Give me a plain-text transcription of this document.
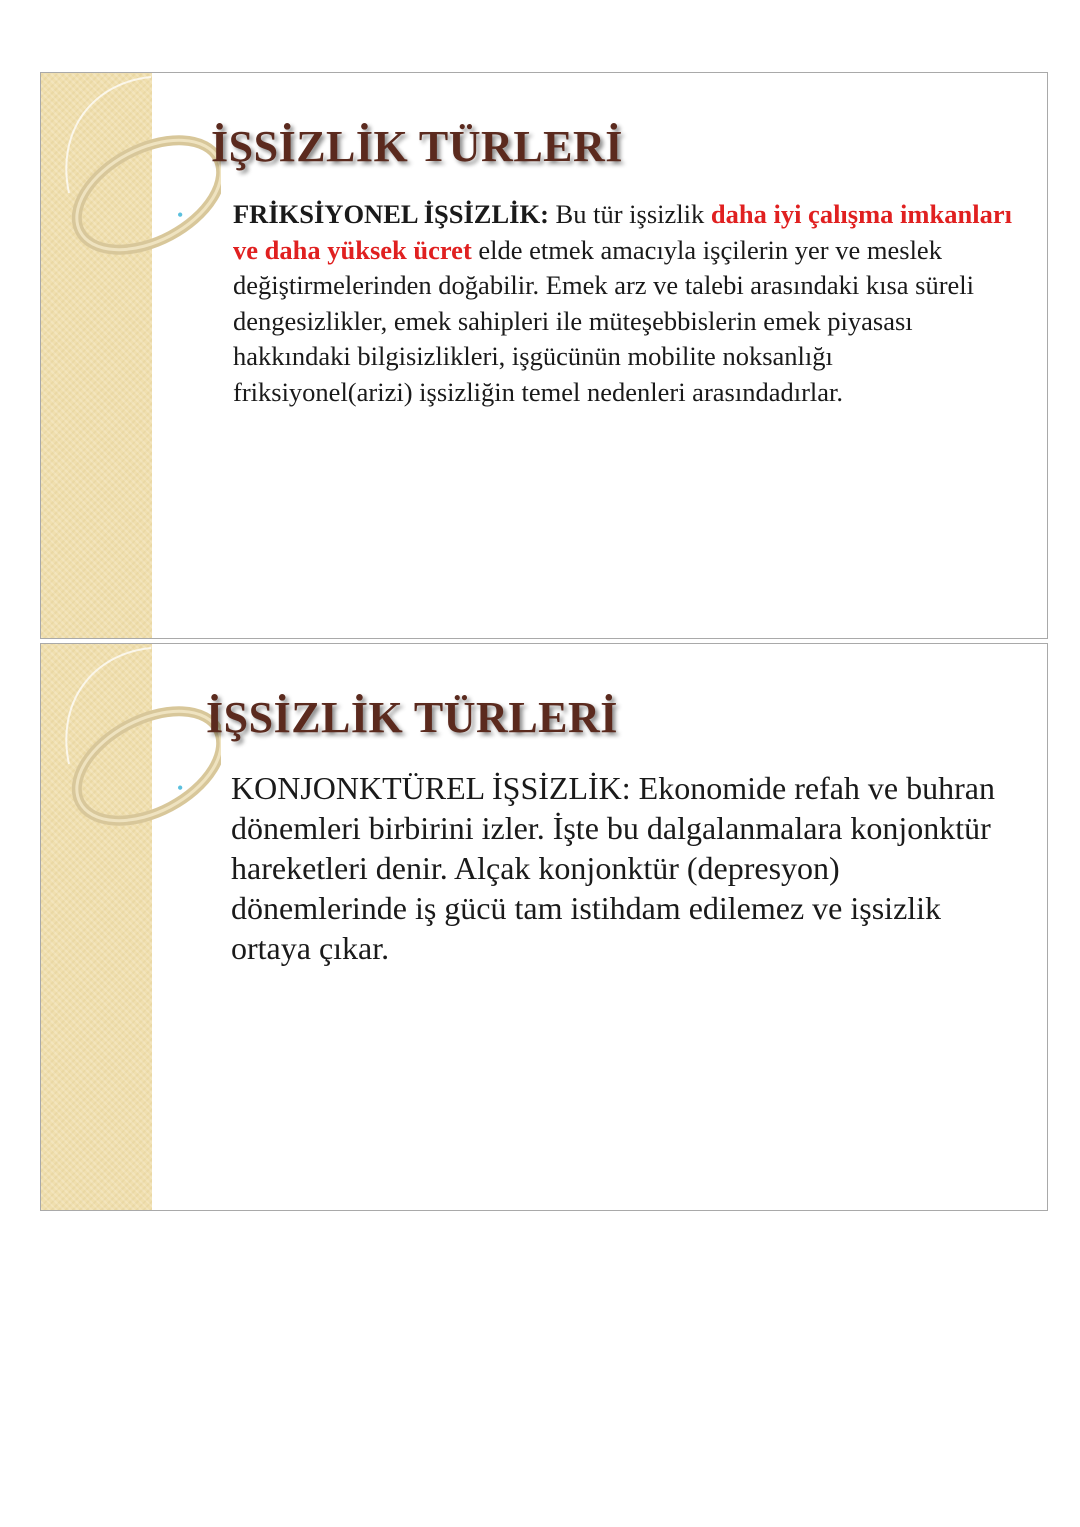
İŞSİZLİK TÜRLERİ
• FRİKSİYONEL İŞSİZLİK: Bu tür işsizlik daha iyi çalışma imkanları ve daha yüksek ücret elde etmek amacıyla işçilerin yer ve meslek değiştirmelerinden doğabilir. Emek arz ve talebi arasındaki kısa süreli dengesizlikler, emek sahipleri ile müteşebbislerin emek piyasası hakkındaki bilgisizlikleri, işgücünün mobilite noksanlığı friksiyonel(arizi) işsizliğin temel nedenleri arasındadırlar.

İŞSİZLİK TÜRLERİ
• KONJONKTÜREL İŞSİZLİK: Ekonomide refah ve buhran dönemleri birbirini izler. İşte bu dalgalanmalara konjonktür hareketleri denir. Alçak konjonktür (depresyon) dönemlerinde iş gücü tam istihdam edilemez ve işsizlik ortaya çıkar.
